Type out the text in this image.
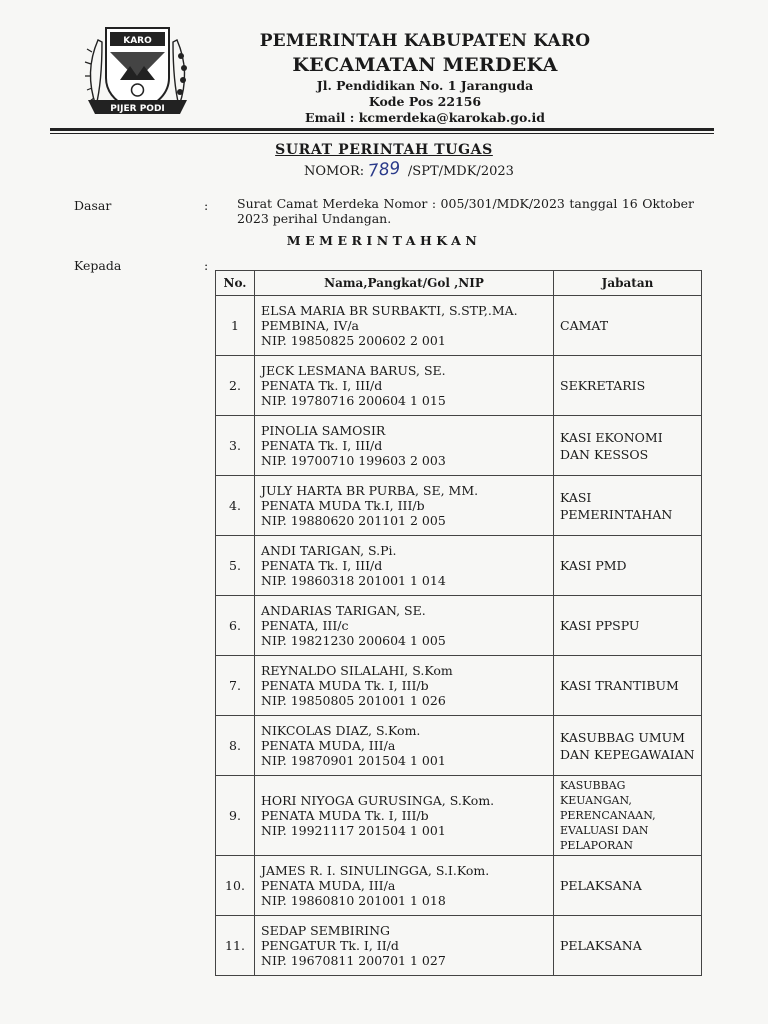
KARO
PIJER PODI
PEMERINTAH KABUPATEN KARO
KECAMATAN MERDEKA
Jl. Pendidikan No. 1 Jaranguda
Kode Pos 22156
Email : kcmerdeka@karokab.go.id
SURAT PERINTAH TUGAS
NOMOR: 789 /SPT/MDK/2023
Dasar	: Surat Camat Merdeka Nomor : 005/301/MDK/2023 tanggal 16 Oktober 2023 perihal Undangan.
MEMERINTAHKAN
Kepada	:
No.	Nama,Pangkat/Gol ,NIP	Jabatan
1	ELSA MARIA BR SURBAKTI, S.STP,.MA.
PEMBINA, IV/a
NIP. 19850825 200602 2 001	CAMAT
2.	JECK LESMANA BARUS, SE.
PENATA Tk. I, III/d
NIP. 19780716 200604 1 015	SEKRETARIS
3.	PINOLIA SAMOSIR
PENATA Tk. I, III/d
NIP. 19700710 199603 2 003	KASI EKONOMI DAN KESSOS
4.	JULY HARTA BR PURBA, SE, MM.
PENATA MUDA Tk.I, III/b
NIP. 19880620 201101 2 005	KASI PEMERINTAHAN
5.	ANDI TARIGAN, S.Pi.
PENATA Tk. I, III/d
NIP. 19860318 201001 1 014	KASI PMD
6.	ANDARIAS TARIGAN, SE.
PENATA, III/c
NIP. 19821230 200604 1 005	KASI PPSPU
7.	REYNALDO SILALAHI, S.Kom
PENATA MUDA Tk. I, III/b
NIP. 19850805 201001 1 026	KASI TRANTIBUM
8.	NIKCOLAS DIAZ, S.Kom.
PENATA MUDA, III/a
NIP. 19870901 201504 1 001	KASUBBAG UMUM DAN KEPEGAWAIAN
9.	HORI NIYOGA GURUSINGA, S.Kom.
PENATA MUDA Tk. I, III/b
NIP. 19921117 201504 1 001	KASUBBAG KEUANGAN, PERENCANAAN, EVALUASI DAN PELAPORAN
10.	JAMES R. I. SINULINGGA, S.I.Kom.
PENATA MUDA, III/a
NIP. 19860810 201001 1 018	PELAKSANA
11.	SEDAP SEMBIRING
PENGATUR Tk. I, II/d
NIP. 19670811 200701 1 027	PELAKSANA
